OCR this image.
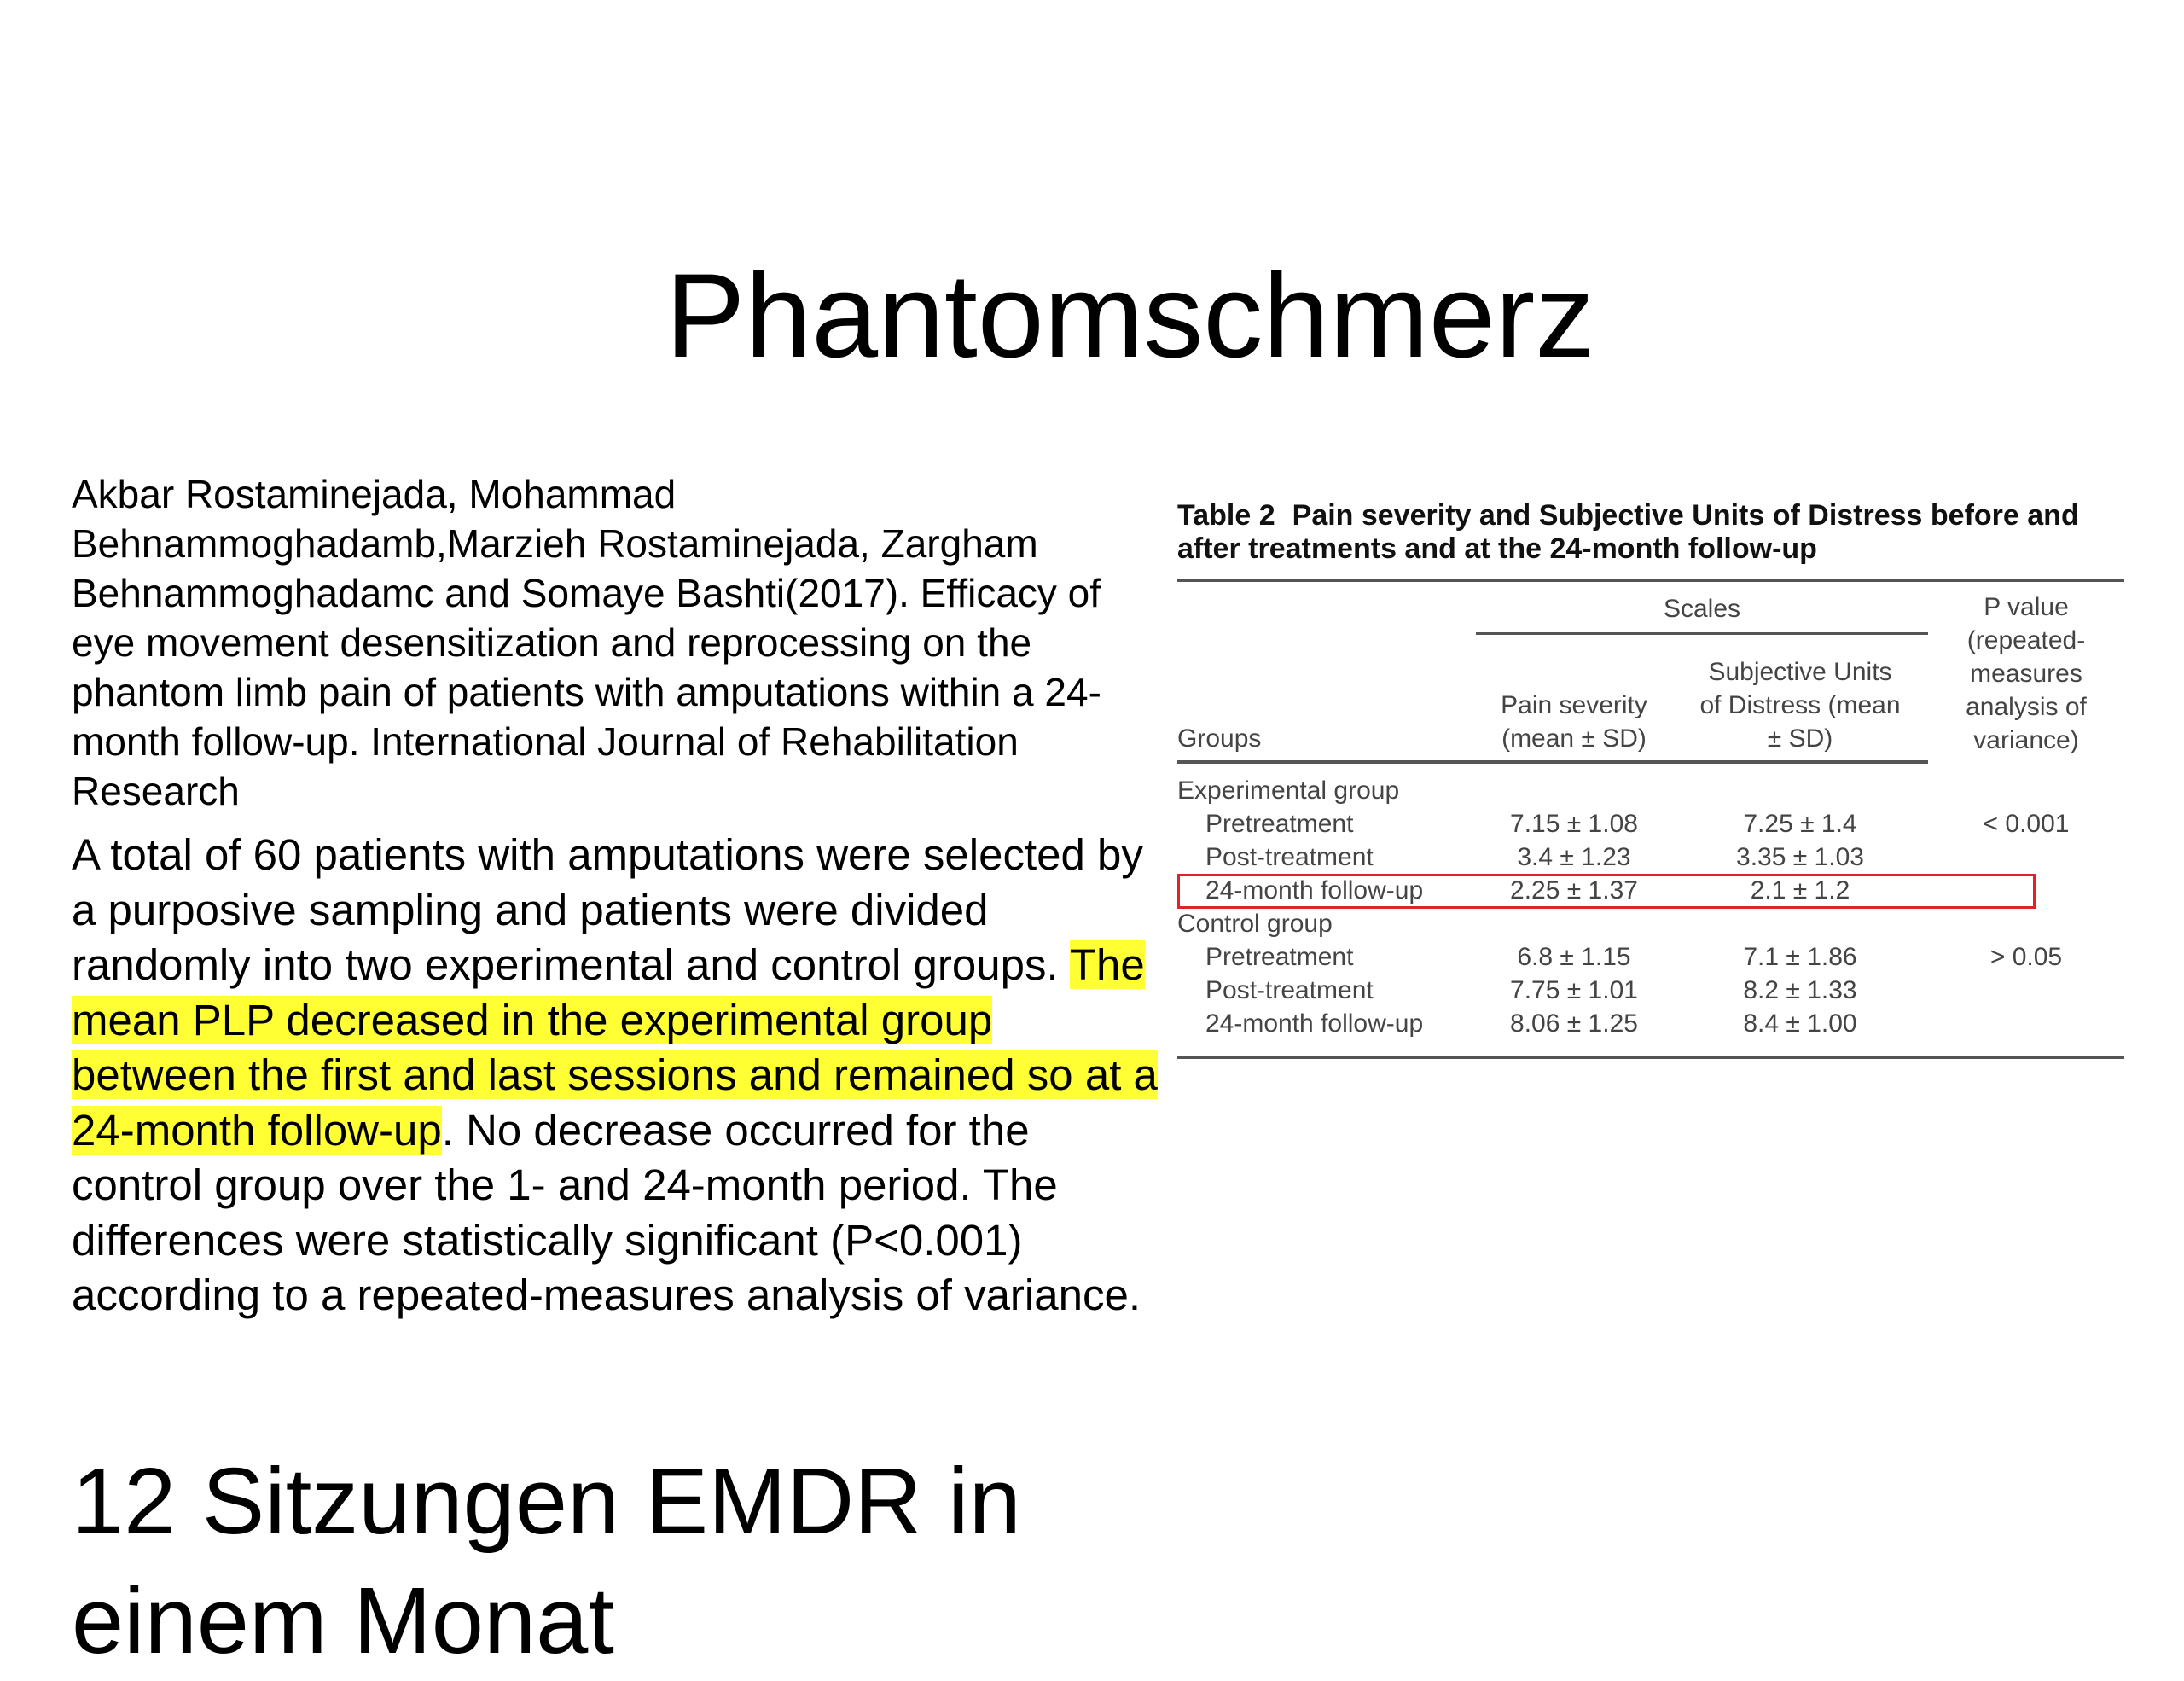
Phantomschmerz

Akbar Rostaminejada, Mohammad Behnammoghadamb,Marzieh Rostaminejada, Zargham Behnammoghadamc and Somaye Bashti(2017). Efficacy of eye movement desensitization and reprocessing on the phantom limb pain of patients with amputations within a 24-month follow-up. International Journal of Rehabilitation Research

A total of 60 patients with amputations were selected by a purposive sampling and patients were divided randomly into two experimental and control groups. The mean PLP decreased in the experimental group between the first and last sessions and remained so at a 24-month follow-up. No decrease occurred for the control group over the 1- and 24-month period. The differences were statistically significant (P<0.001) according to a repeated-measures analysis of variance.

Table 2 Pain severity and Subjective Units of Distress before and after treatments and at the 24-month follow-up

	Scales		P value (repeated-measures analysis of variance)
Groups	Pain severity (mean ± SD)	Subjective Units of Distress (mean ± SD)	
Experimental group			
Pretreatment	7.15 ± 1.08	7.25 ± 1.4	< 0.001
Post-treatment	3.4 ± 1.23	3.35 ± 1.03	
24-month follow-up	2.25 ± 1.37	2.1 ± 1.2	
Control group			
Pretreatment	6.8 ± 1.15	7.1 ± 1.86	> 0.05
Post-treatment	7.75 ± 1.01	8.2 ± 1.33	
24-month follow-up	8.06 ± 1.25	8.4 ± 1.00	

12 Sitzungen EMDR in einem Monat
